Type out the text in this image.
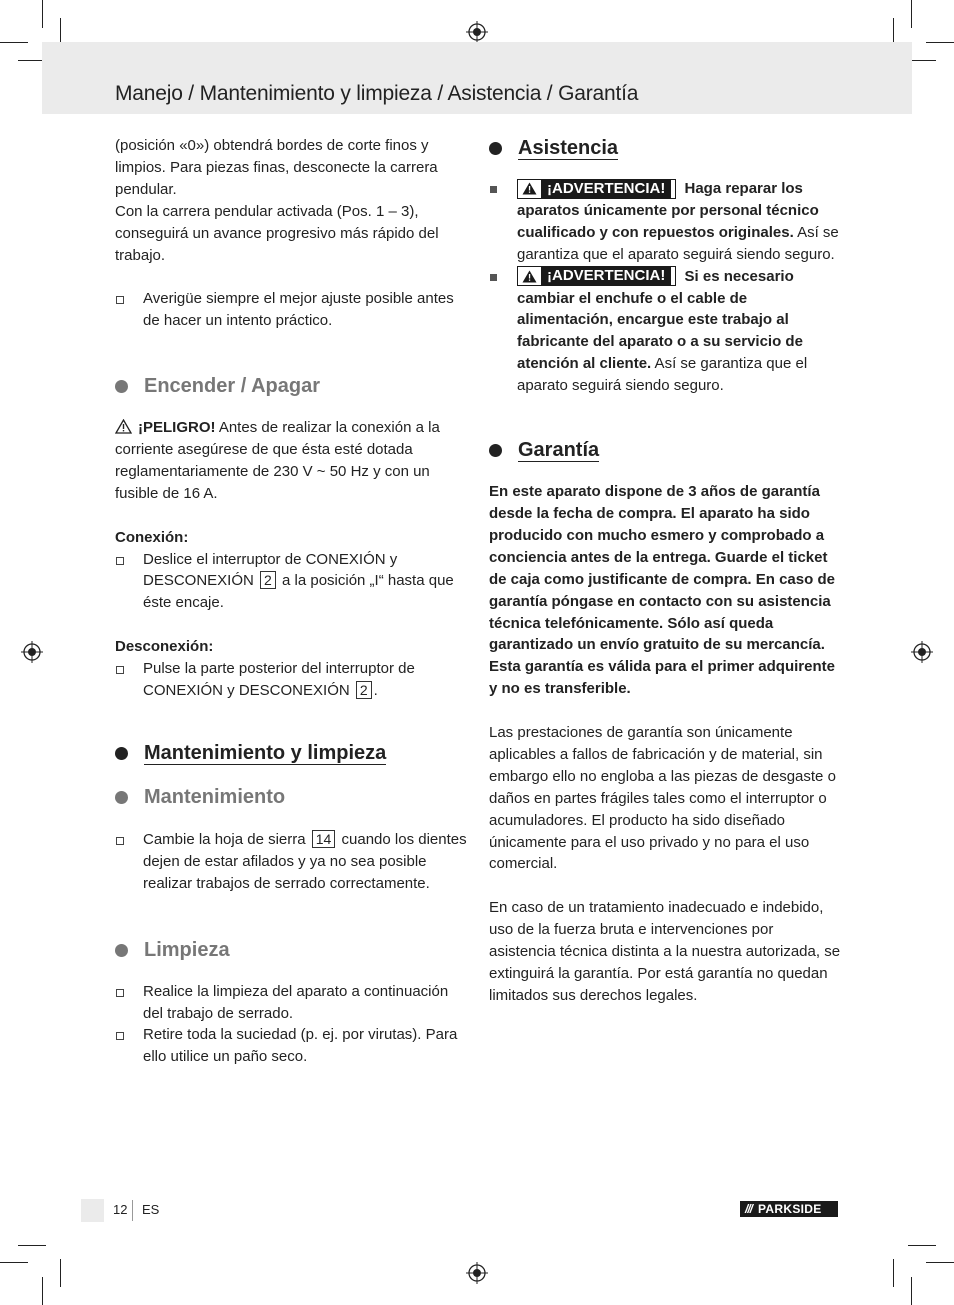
Manejo / Mantenimiento y limpieza / Asistencia / Garantía

(posición «0») obtendrá bordes de corte finos y limpios. Para piezas finas, desconecte la carrera pendular.

Con la carrera pendular activada (Pos. 1 – 3), conseguirá un avance progresivo más rápido del trabajo.

Averigüe siempre el mejor ajuste posible antes de hacer un intento práctico.
Encender / Apagar

¡PELIGRO! Antes de realizar la conexión a la corriente asegúrese de que ésta esté dotada reglamentariamente de 230 V ~ 50 Hz y con un fusible de 16 A.

Conexión:

Deslice el interruptor de CONEXIÓN y DESCONEXIÓN 2 a la posición „I“ hasta que éste encaje.

Desconexión:

Pulse la parte posterior del interruptor de CONEXIÓN y DESCONEXIÓN 2 .
Mantenimiento y limpieza
Mantenimiento
Cambie la hoja de sierra 14 cuando los dientes dejen de estar afilados y ya no sea posible realizar trabajos de serrado correctamente.
Limpieza
Realice la limpieza del aparato a continuación del trabajo de serrado.
Retire toda la suciedad (p. ej. por virutas). Para ello utilice un paño seco.
Asistencia
¡ADVERTENCIA!	Haga reparar los aparatos únicamente por personal técnico cualificado y con repuestos originales. Así se garantiza que el aparato seguirá siendo seguro.
¡ADVERTENCIA!	Si es necesario cambiar el enchufe o el cable de alimentación, encargue este trabajo al fabricante del aparato o a su servicio de atención al cliente. Así se garantiza que el aparato seguirá siendo seguro.
Garantía

En este aparato dispone de 3 años de garantía desde la fecha de compra. El aparato ha sido producido con mucho esmero y comprobado a conciencia antes de la entrega. Guarde el ticket de caja como justificante de compra. En caso de garantía póngase en contacto con su asistencia técnica telefónicamente. Sólo así queda garantizado un envío gratuito de su mercancía. Esta garantía es válida para el primer adquirente y no es transferible.

Las prestaciones de garantía son únicamente aplicables a fallos de fabricación y de material, sin embargo ello no engloba a las piezas de desgaste o daños en partes frágiles tales como el interruptor o acumuladores. El producto ha sido diseñado únicamente para el uso privado y no para el uso comercial.

En caso de un tratamiento inadecuado e indebido, uso de la fuerza bruta e intervenciones por asistencia técnica distinta a la nuestra autorizada, se extinguirá la garantía. Por está garantía no quedan limitados sus derechos legales.

12 ES	/// PARKSIDE
